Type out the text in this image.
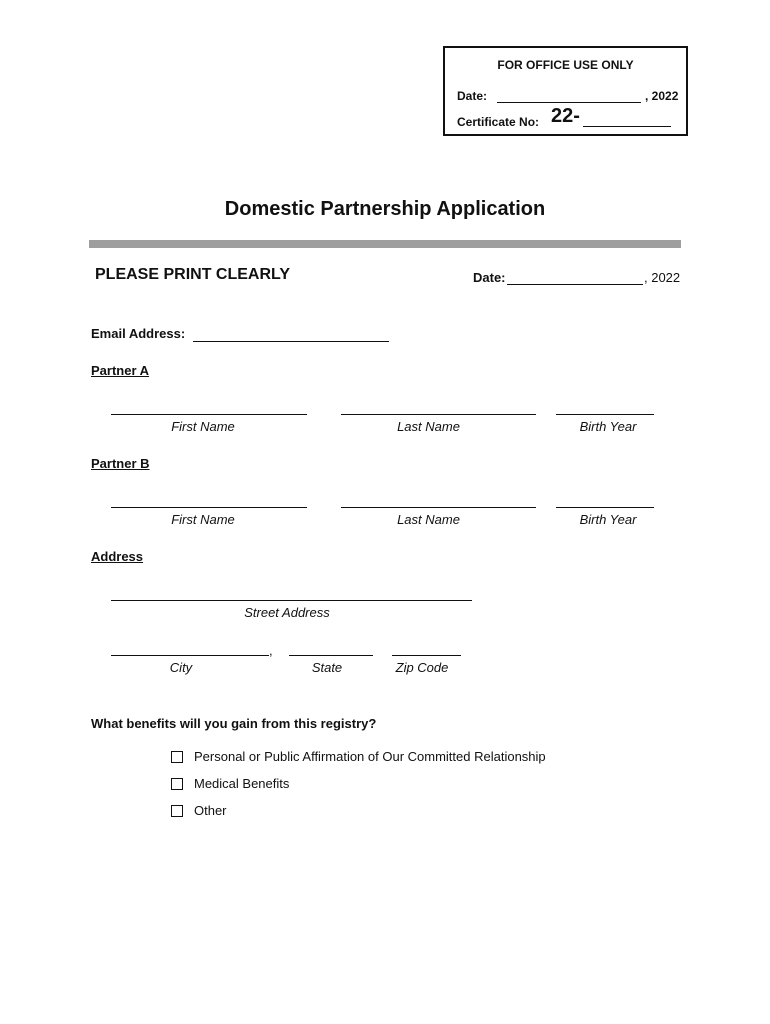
FOR OFFICE USE ONLY
Date:	, 2022
Certificate No: 22-
Domestic Partnership Application
PLEASE PRINT CLEARLY	Date:	, 2022
Email Address:
Partner A
First Name	Last Name	Birth Year
Partner B
First Name	Last Name	Birth Year
Address
Street Address
,
City	State	Zip Code
What benefits will you gain from this registry?
Personal or Public Affirmation of Our Committed Relationship
Medical Benefits
Other
